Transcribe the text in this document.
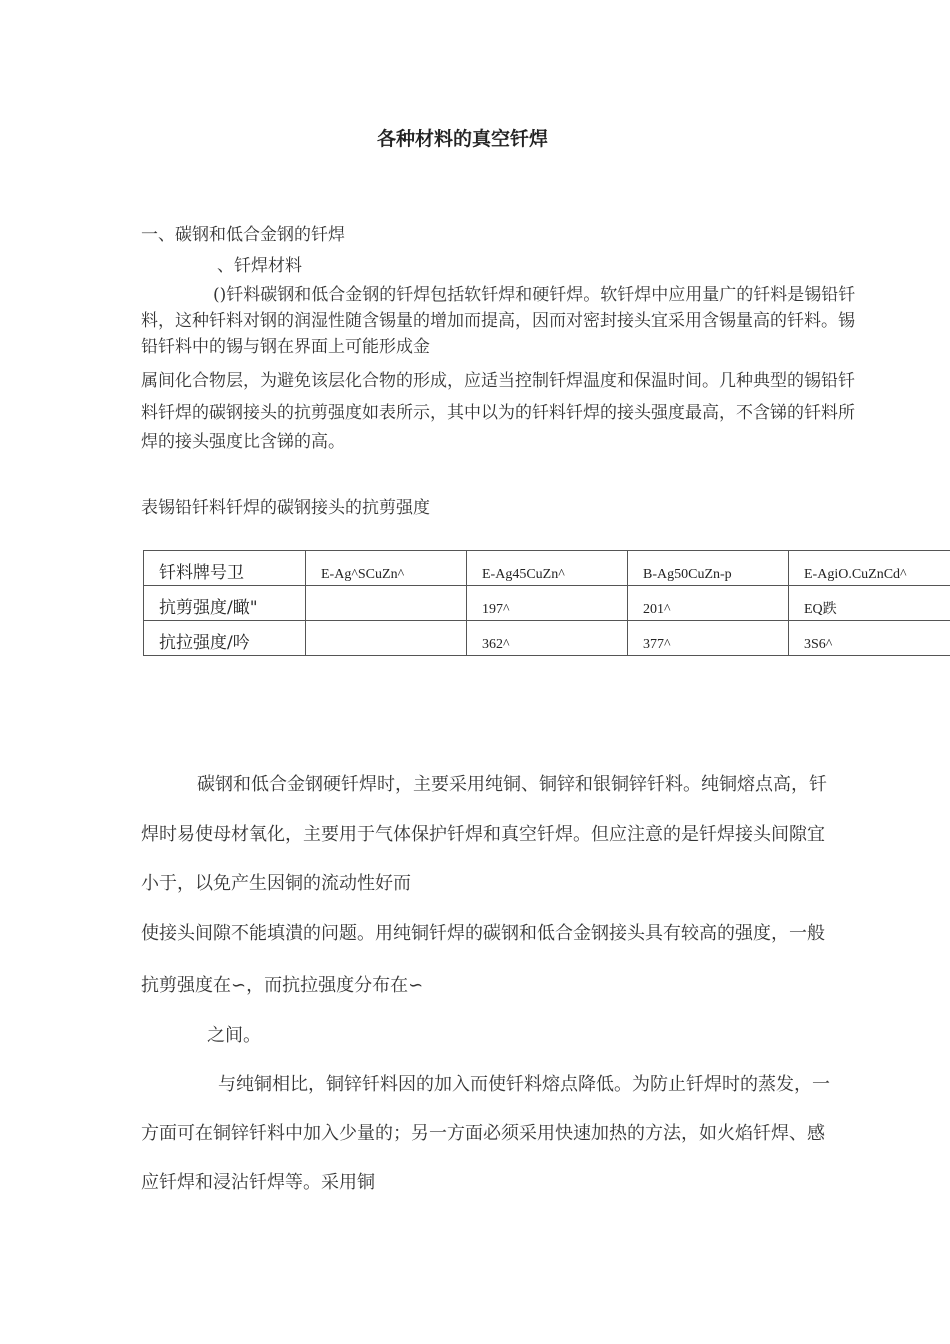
各种材料的真空钎焊
一、碳钢和低合金钢的钎焊
、钎焊材料
()钎料碳钢和低合金钢的钎焊包括软钎焊和硬钎焊。软钎焊中应用量广的钎料是锡铅钎
料，这种钎料对钢的润湿性随含锡量的增加而提高，因而对密封接头宜采用含锡量高的钎料。锡
铅钎料中的锡与钢在界面上可能形成金
属间化合物层，为避免该层化合物的形成，应适当控制钎焊温度和保温时间。几种典型的锡铅钎
料钎焊的碳钢接头的抗剪强度如表所示，其中以为的钎料钎焊的接头强度最高，不含锑的钎料所
焊的接头强度比含锑的高。
表锡铅钎料钎焊的碳钢接头的抗剪强度
钎料牌号卫	E-Ag^SCuZn^	E-Ag45CuZn^	B-Ag50CuZn-p	E-AgiO.CuZnCd^
抗剪强度/瞰"		197^	201^	EQ跌
抗拉强度/吟		362^	377^	3S6^
碳钢和低合金钢硬钎焊时，主要采用纯铜、铜锌和银铜锌钎料。纯铜熔点高，钎
焊时易使母材氧化，主要用于气体保护钎焊和真空钎焊。但应注意的是钎焊接头间隙宜
小于，以免产生因铜的流动性好而
使接头间隙不能填潰的问题。用纯铜钎焊的碳钢和低合金钢接头具有较高的强度，一般
抗剪强度在∽，而抗拉强度分布在∽
之间。
与纯铜相比，铜锌钎料因的加入而使钎料熔点降低。为防止钎焊时的蒸发，一
方面可在铜锌钎料中加入少量的；另一方面必须采用快速加热的方法，如火焰钎焊、感
应钎焊和浸沾钎焊等。采用铜
